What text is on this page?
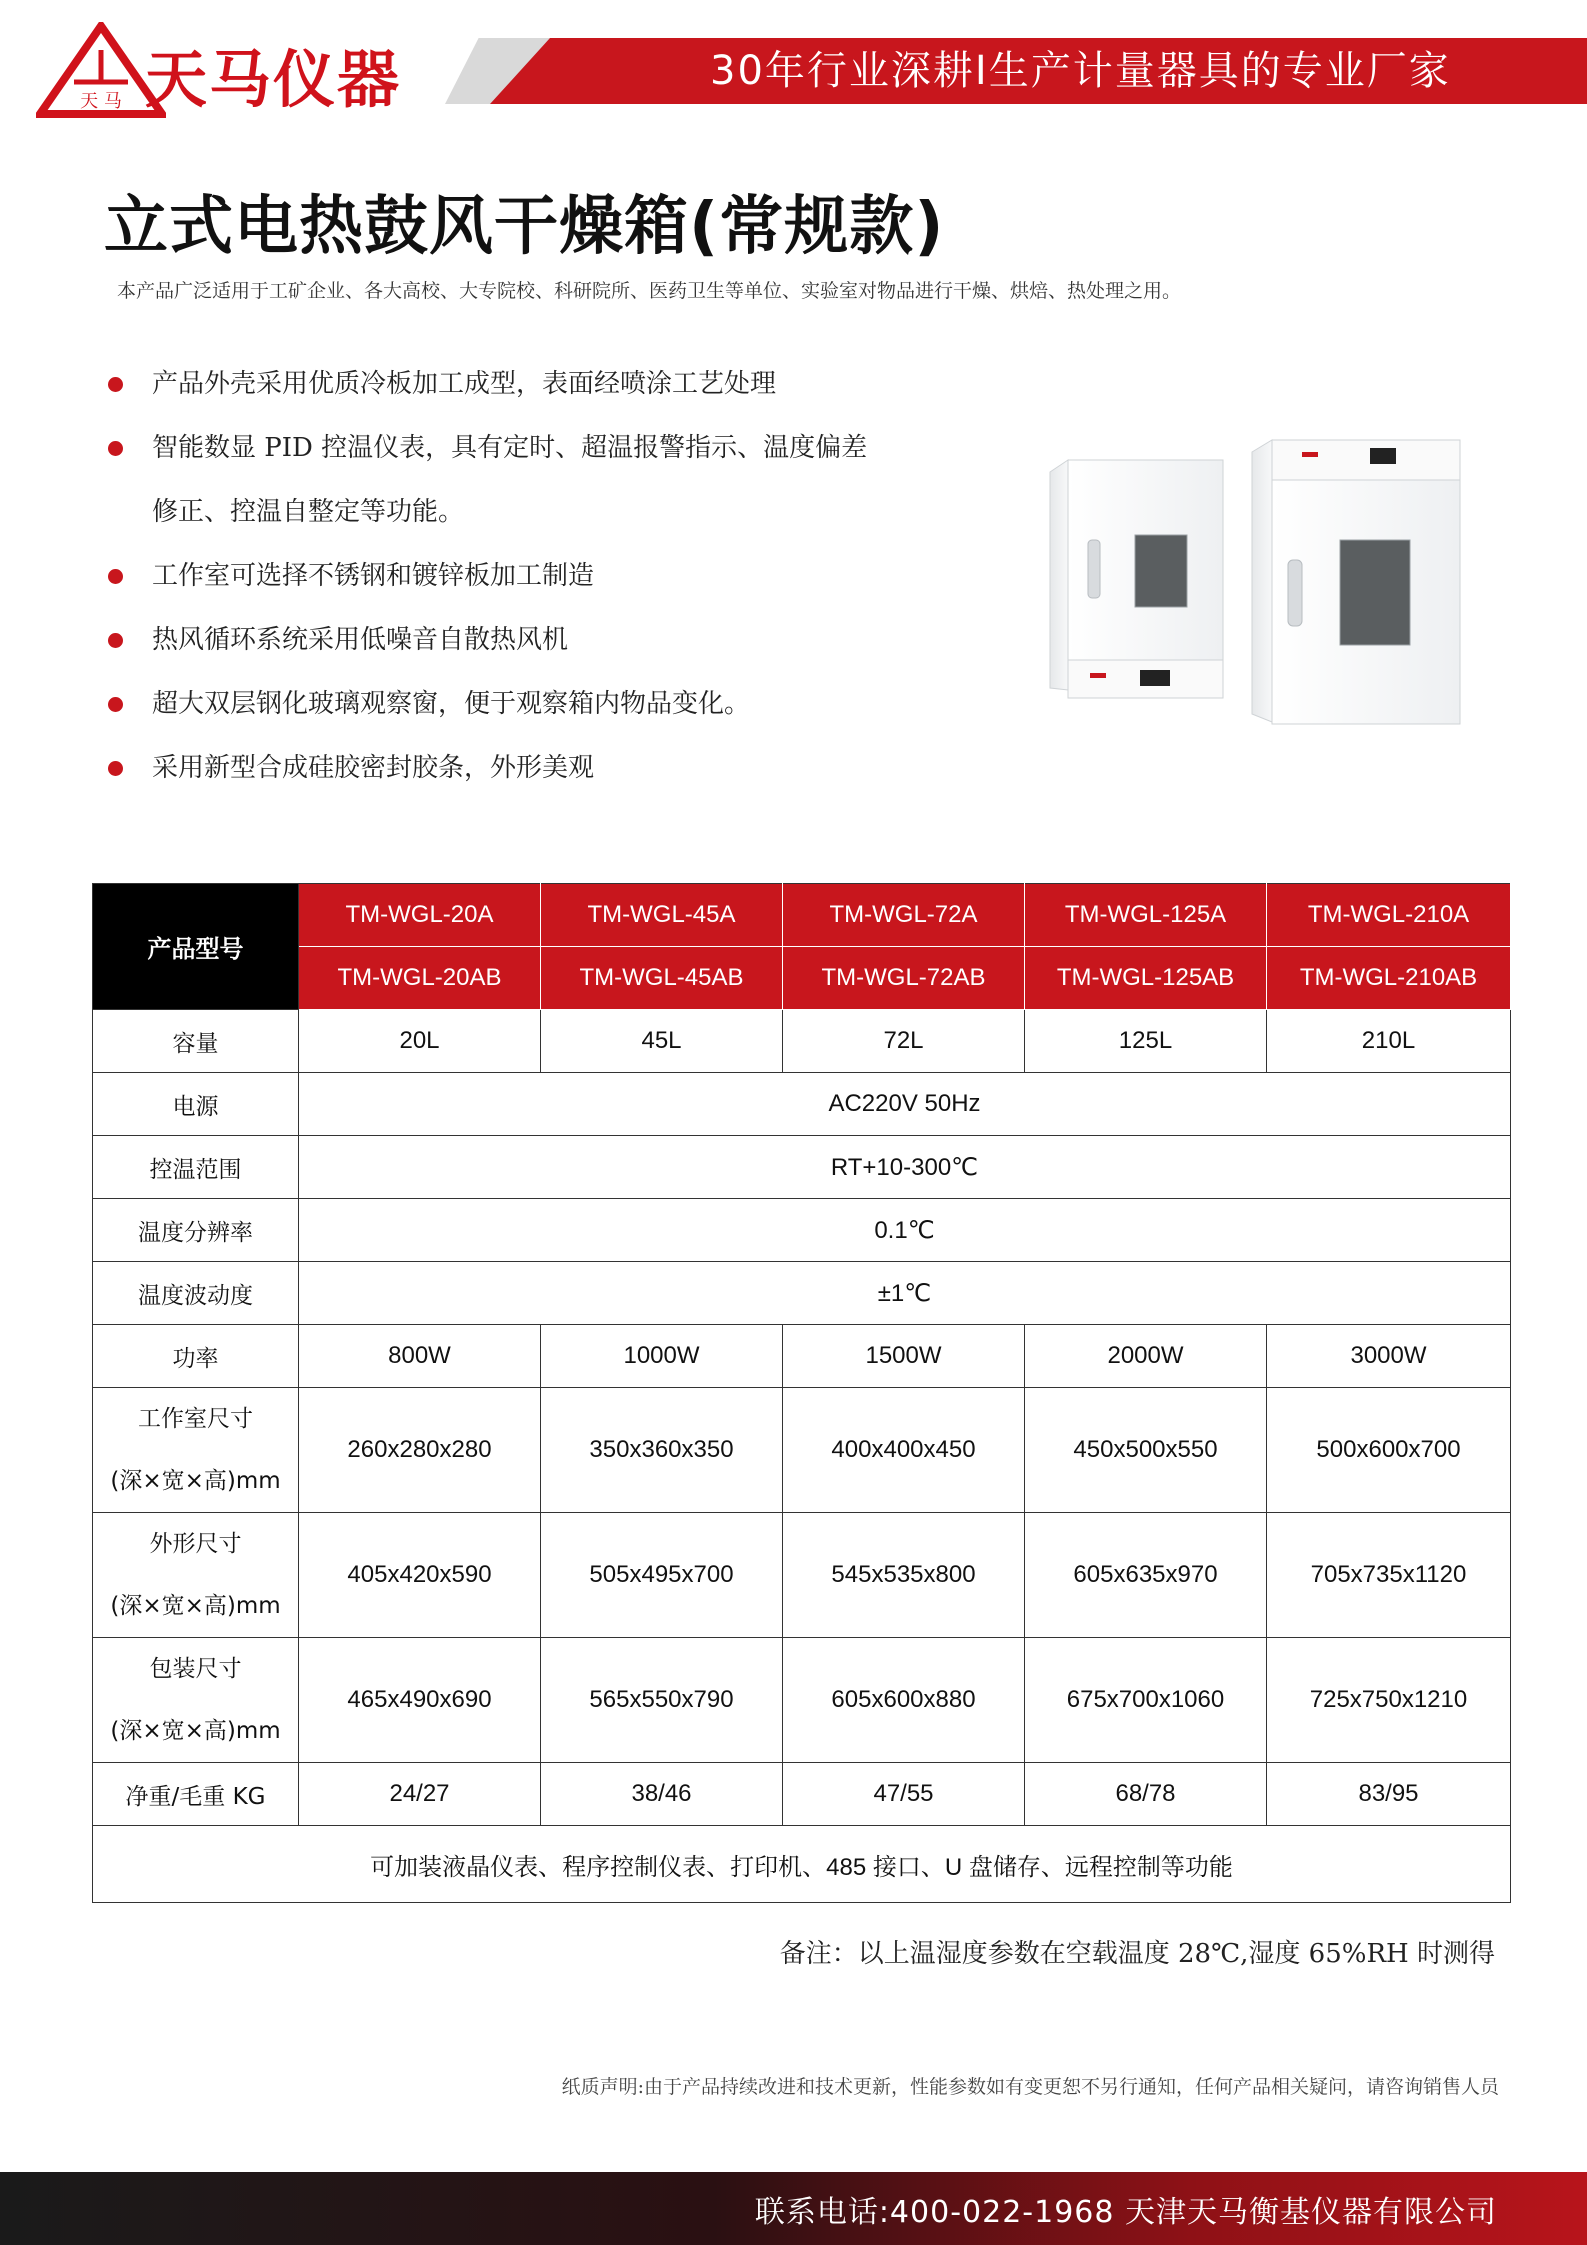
天 马 天马仪器	30年行业深耕I生产计量器具的专业厂家
立式电热鼓风干燥箱(常规款)
本产品广泛适用于工矿企业、各大高校、大专院校、科研院所、医药卫生等单位、实验室对物品进行干燥、烘焙、热处理之用。
产品外壳采用优质冷板加工成型，表面经喷涂工艺处理
智能数显 PID 控温仪表，具有定时、超温报警指示、温度偏差
修正、控温自整定等功能。
工作室可选择不锈钢和镀锌板加工制造
热风循环系统采用低噪音自散热风机
超大双层钢化玻璃观察窗，便于观察箱内物品变化。
采用新型合成硅胶密封胶条，外形美观
产品型号	TM-WGL-20A	TM-WGL-45A	TM-WGL-72A	TM-WGL-125A	TM-WGL-210A
	TM-WGL-20AB	TM-WGL-45AB	TM-WGL-72AB	TM-WGL-125AB	TM-WGL-210AB
容量	20L	45L	72L	125L	210L
电源	AC220V 50Hz				
控温范围	RT+10-300℃				
温度分辨率	0.1℃				
温度波动度	±1℃				
功率	800W	1000W	1500W	2000W	3000W

工作室尺寸
(深×宽×高)mm	260x280x280	350x360x350	400x400x450	450x500x550	500x600x700

外形尺寸
(深×宽×高)mm	405x420x590	505x495x700	545x535x800	605x635x970	705x735x1120

包装尺寸
(深×宽×高)mm	465x490x690	565x550x790	605x600x880	675x700x1060	725x750x1210
净重/毛重 KG	24/27	38/46	47/55	68/78	83/95
可加装液晶仪表、程序控制仪表、打印机、485 接口、U 盘储存、远程控制等功能					
备注：以上温湿度参数在空载温度 28℃,湿度 65%RH 时测得
纸质声明:由于产品持续改进和技术更新，性能参数如有变更恕不另行通知，任何产品相关疑问，请咨询销售人员
联系电话:400-022-1968 天津天马衡基仪器有限公司
